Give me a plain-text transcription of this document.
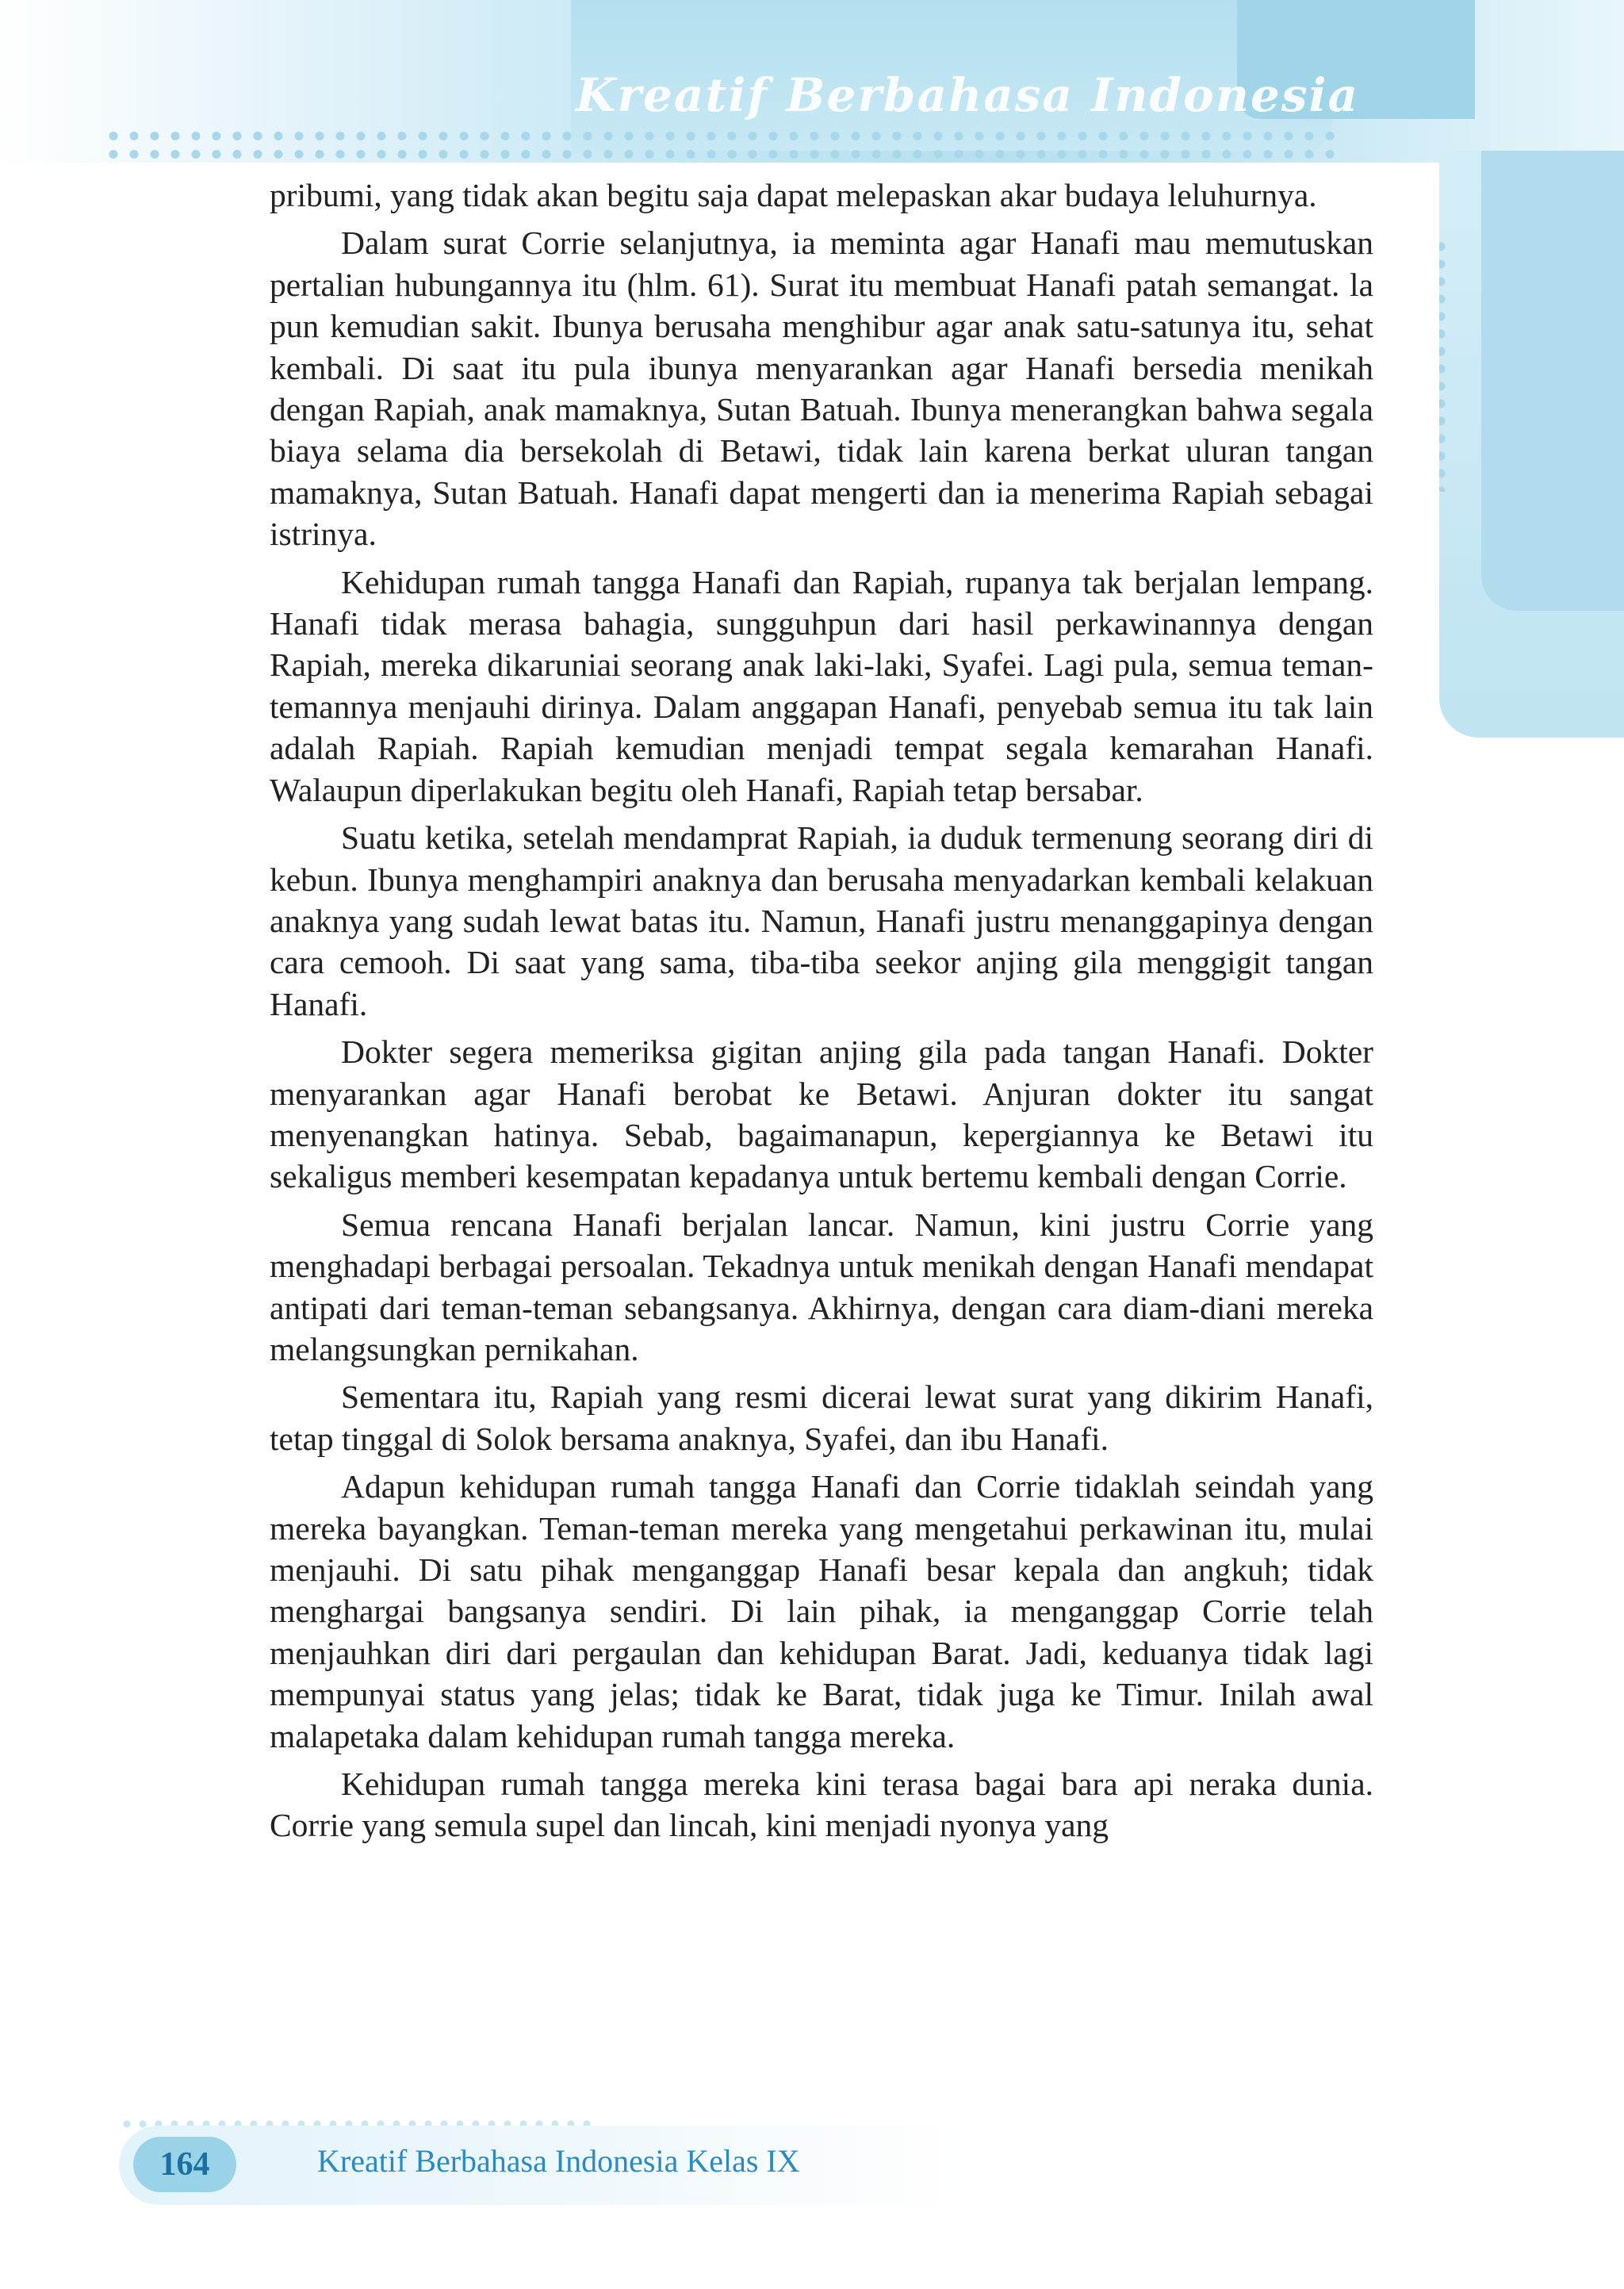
Kreatif Berbahasa Indonesia

pribumi, yang tidak akan begitu saja dapat melepaskan akar budaya leluhurnya.

Dalam surat Corrie selanjutnya, ia meminta agar Hanafi mau memutuskan pertalian hubungannya itu (hlm. 61). Surat itu membuat Hanafi patah semangat. la pun kemudian sakit. Ibunya berusaha menghibur agar anak satu-satunya itu, sehat kembali. Di saat itu pula ibunya menyarankan agar Hanafi bersedia menikah dengan Rapiah, anak mamaknya, Sutan Batuah. Ibunya menerangkan bahwa segala biaya selama dia bersekolah di Betawi, tidak lain karena berkat uluran tangan mamaknya, Sutan Batuah. Hanafi dapat mengerti dan ia menerima Rapiah sebagai istrinya.

Kehidupan rumah tangga Hanafi dan Rapiah, rupanya tak berjalan lempang. Hanafi tidak merasa bahagia, sungguhpun dari hasil perkawinannya dengan Rapiah, mereka dikaruniai seorang anak laki-laki, Syafei. Lagi pula, semua teman-temannya menjauhi dirinya. Dalam anggapan Hanafi, penyebab semua itu tak lain adalah Rapiah. Rapiah kemudian menjadi tempat segala kemarahan Hanafi. Walaupun diperlakukan begitu oleh Hanafi, Rapiah tetap bersabar.

Suatu ketika, setelah mendamprat Rapiah, ia duduk termenung seorang diri di kebun. Ibunya menghampiri anaknya dan berusaha menyadarkan kembali kelakuan anaknya yang sudah lewat batas itu. Namun, Hanafi justru menanggapinya dengan cara cemooh. Di saat yang sama, tiba-tiba seekor anjing gila menggigit tangan Hanafi.

Dokter segera memeriksa gigitan anjing gila pada tangan Hanafi. Dokter menyarankan agar Hanafi berobat ke Betawi. Anjuran dokter itu sangat menyenangkan hatinya. Sebab, bagaimanapun, kepergiannya ke Betawi itu sekaligus memberi kesempatan kepadanya untuk bertemu kembali dengan Corrie.

Semua rencana Hanafi berjalan lancar. Namun, kini justru Corrie yang menghadapi berbagai persoalan. Tekadnya untuk menikah dengan Hanafi mendapat antipati dari teman-teman sebangsanya. Akhirnya, dengan cara diam-diani mereka melangsungkan pernikahan.

Sementara itu, Rapiah yang resmi dicerai lewat surat yang dikirim Hanafi, tetap tinggal di Solok bersama anaknya, Syafei, dan ibu Hanafi.

Adapun kehidupan rumah tangga Hanafi dan Corrie tidaklah seindah yang mereka bayangkan. Teman-teman mereka yang mengetahui perkawinan itu, mulai menjauhi. Di satu pihak menganggap Hanafi besar kepala dan angkuh; tidak menghargai bangsanya sendiri. Di lain pihak, ia menganggap Corrie telah menjauhkan diri dari pergaulan dan kehidupan Barat. Jadi, keduanya tidak lagi mempunyai status yang jelas; tidak ke Barat, tidak juga ke Timur. Inilah awal malapetaka dalam kehidupan rumah tangga mereka.

Kehidupan rumah tangga mereka kini terasa bagai bara api neraka dunia. Corrie yang semula supel dan lincah, kini menjadi nyonya yang

164	Kreatif Berbahasa Indonesia Kelas IX
